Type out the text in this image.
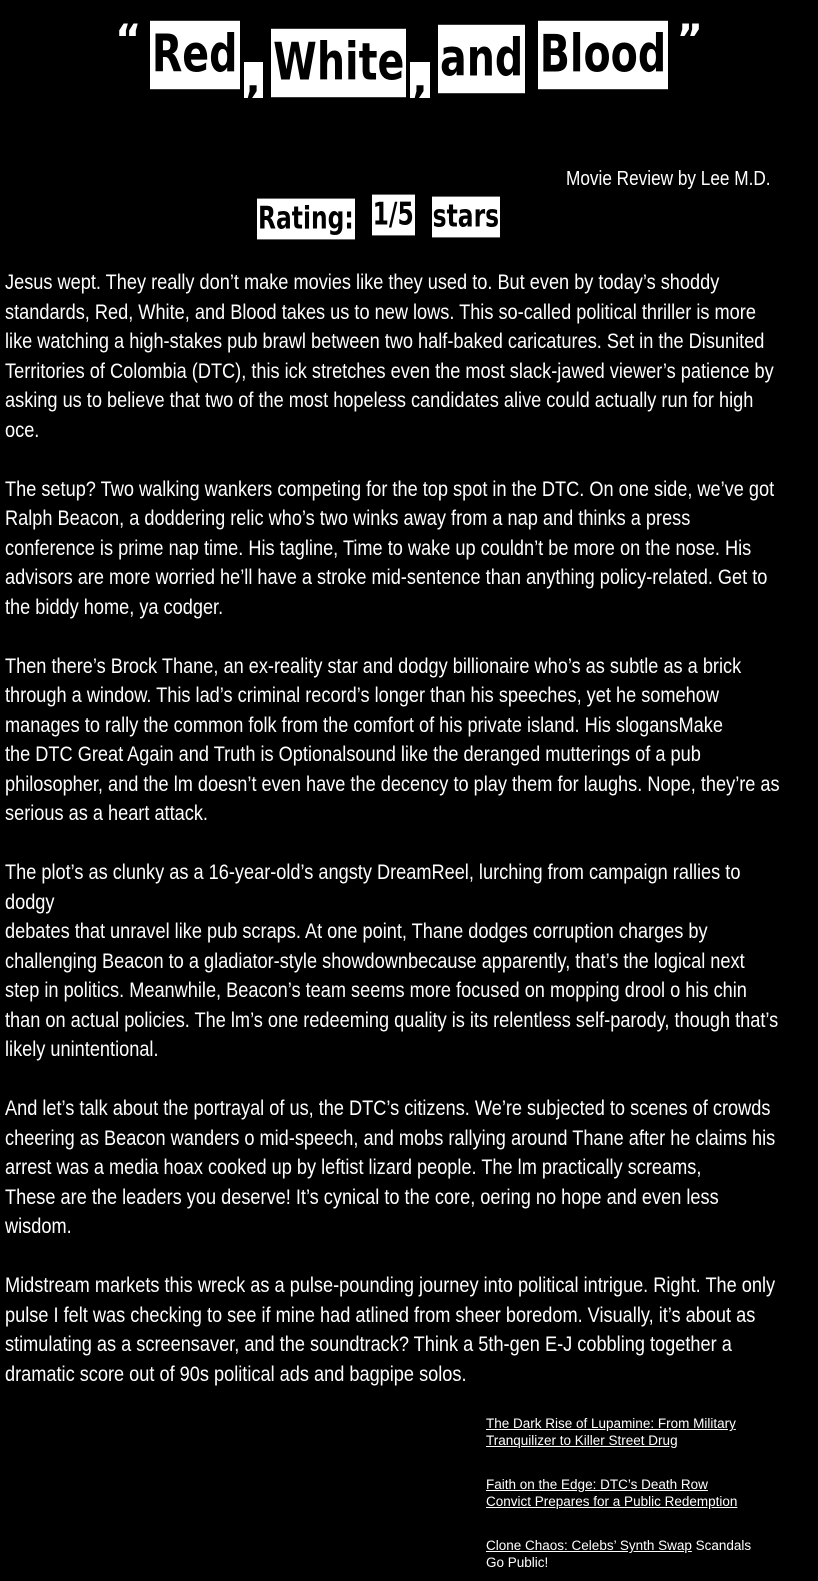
“ Red , White , and Blood ”
Movie Review by Lee M.D.
Rating: 1/5 stars

Jesus wept. They really don’t make movies like they used to. But even by today’s shoddy
standards, Red, White, and Blood takes us to new lows. This so-called political thriller is more
like watching a high-stakes pub brawl between two half-baked caricatures. Set in the Disunited
Territories of Colombia (DTC), this ick stretches even the most slack-jawed viewer’s patience by
asking us to believe that two of the most hopeless candidates alive could actually run for high
oce.

The setup? Two walking wankers competing for the top spot in the DTC. On one side, we’ve got
Ralph Beacon, a doddering relic who’s two winks away from a nap and thinks a press
conference is prime nap time. His tagline, Time to wake up couldn’t be more on the nose. His
advisors are more worried he’ll have a stroke mid-sentence than anything policy-related. Get to
the biddy home, ya codger.

Then there’s Brock Thane, an ex-reality star and dodgy billionaire who’s as subtle as a brick
through a window. This lad’s criminal record’s longer than his speeches, yet he somehow
manages to rally the common folk from the comfort of his private island. His slogansMake
the DTC Great Again and Truth is Optionalsound like the deranged mutterings of a pub
philosopher, and the lm doesn’t even have the decency to play them for laughs. Nope, they’re as
serious as a heart attack.

The plot’s as clunky as a 16-year-old’s angsty DreamReel, lurching from campaign rallies to dodgy
debates that unravel like pub scraps. At one point, Thane dodges corruption charges by
challenging Beacon to a gladiator-style showdownbecause apparently, that’s the logical next
step in politics. Meanwhile, Beacon’s team seems more focused on mopping drool o his chin
than on actual policies. The lm’s one redeeming quality is its relentless self-parody, though that’s
likely unintentional.

And let’s talk about the portrayal of us, the DTC’s citizens. We’re subjected to scenes of crowds
cheering as Beacon wanders o mid-speech, and mobs rallying around Thane after he claims his
arrest was a media hoax cooked up by leftist lizard people. The lm practically screams,
These are the leaders you deserve! It’s cynical to the core, oering no hope and even less
wisdom.

Midstream markets this wreck as a pulse-pounding journey into political intrigue. Right. The only
pulse I felt was checking to see if mine had atlined from sheer boredom. Visually, it’s about as
stimulating as a screensaver, and the soundtrack? Think a 5th-gen E-J cobbling together a
dramatic score out of 90s political ads and bagpipe solos.

The Dark Rise of Lupamine: From Military
Tranquilizer to Killer Street Drug

Faith on the Edge: DTC’s Death Row
Convict Prepares for a Public Redemption

Clone Chaos: Celebs’ Synth Swap Scandals
Go Public!
